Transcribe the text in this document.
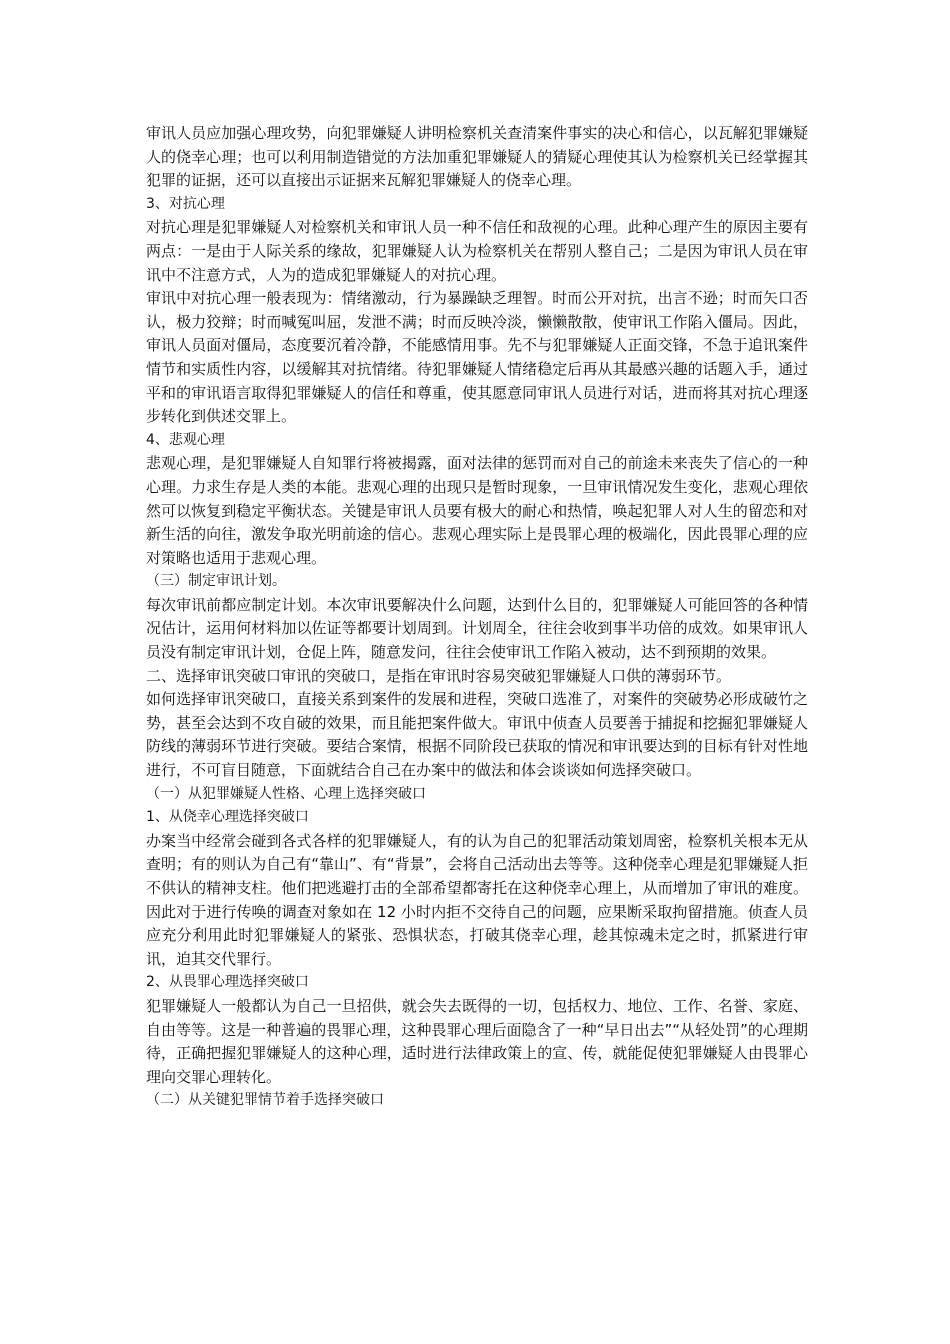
审讯人员应加强心理攻势，向犯罪嫌疑人讲明检察机关查清案件事实的决心和信心，以瓦解犯罪嫌疑人的侥幸心理；也可以利用制造错觉的方法加重犯罪嫌疑人的猜疑心理使其认为检察机关已经掌握其犯罪的证据，还可以直接出示证据来瓦解犯罪嫌疑人的侥幸心理。

3、对抗心理

对抗心理是犯罪嫌疑人对检察机关和审讯人员一种不信任和敌视的心理。此种心理产生的原因主要有两点：一是由于人际关系的缘故，犯罪嫌疑人认为检察机关在帮别人整自己；二是因为审讯人员在审讯中不注意方式，人为的造成犯罪嫌疑人的对抗心理。

审讯中对抗心理一般表现为：情绪激动，行为暴躁缺乏理智。时而公开对抗，出言不逊；时而矢口否认，极力狡辩；时而喊冤叫屈，发泄不满；时而反映冷淡，懒懒散散，使审讯工作陷入僵局。因此，审讯人员面对僵局，态度要沉着冷静，不能感情用事。先不与犯罪嫌疑人正面交锋，不急于追讯案件情节和实质性内容，以缓解其对抗情绪。待犯罪嫌疑人情绪稳定后再从其最感兴趣的话题入手，通过平和的审讯语言取得犯罪嫌疑人的信任和尊重，使其愿意同审讯人员进行对话，进而将其对抗心理逐步转化到供述交罪上。

4、悲观心理

悲观心理，是犯罪嫌疑人自知罪行将被揭露，面对法律的惩罚而对自己的前途未来丧失了信心的一种心理。力求生存是人类的本能。悲观心理的出现只是暂时现象，一旦审讯情况发生变化，悲观心理依然可以恢复到稳定平衡状态。关键是审讯人员要有极大的耐心和热情，唤起犯罪人对人生的留恋和对新生活的向往，激发争取光明前途的信心。悲观心理实际上是畏罪心理的极端化，因此畏罪心理的应对策略也适用于悲观心理。

（三）制定审讯计划。

每次审讯前都应制定计划。本次审讯要解决什么问题，达到什么目的，犯罪嫌疑人可能回答的各种情况估计，运用何材料加以佐证等都要计划周到。计划周全，往往会收到事半功倍的成效。如果审讯人员没有制定审讯计划，仓促上阵，随意发问，往往会使审讯工作陷入被动，达不到预期的效果。

二、选择审讯突破口审讯的突破口，是指在审讯时容易突破犯罪嫌疑人口供的薄弱环节。

如何选择审讯突破口，直接关系到案件的发展和进程，突破口选准了，对案件的突破势必形成破竹之势，甚至会达到不攻自破的效果，而且能把案件做大。审讯中侦查人员要善于捕捉和挖掘犯罪嫌疑人防线的薄弱环节进行突破。要结合案情，根据不同阶段已获取的情况和审讯要达到的目标有针对性地进行，不可盲目随意，下面就结合自己在办案中的做法和体会谈谈如何选择突破口。

（一）从犯罪嫌疑人性格、心理上选择突破口

1、从侥幸心理选择突破口

办案当中经常会碰到各式各样的犯罪嫌疑人，有的认为自己的犯罪活动策划周密，检察机关根本无从查明；有的则认为自己有“靠山”、有“背景”，会将自己活动出去等等。这种侥幸心理是犯罪嫌疑人拒不供认的精神支柱。他们把逃避打击的全部希望都寄托在这种侥幸心理上，从而增加了审讯的难度。因此对于进行传唤的调查对象如在 12 小时内拒不交待自己的问题，应果断采取拘留措施。侦查人员应充分利用此时犯罪嫌疑人的紧张、恐惧状态，打破其侥幸心理，趁其惊魂未定之时，抓紧进行审讯，迫其交代罪行。

2、从畏罪心理选择突破口

犯罪嫌疑人一般都认为自己一旦招供，就会失去既得的一切，包括权力、地位、工作、名誉、家庭、自由等等。这是一种普遍的畏罪心理，这种畏罪心理后面隐含了一种“早日出去”“从轻处罚”的心理期待，正确把握犯罪嫌疑人的这种心理，适时进行法律政策上的宣、传，就能促使犯罪嫌疑人由畏罪心理向交罪心理转化。

（二）从关键犯罪情节着手选择突破口
